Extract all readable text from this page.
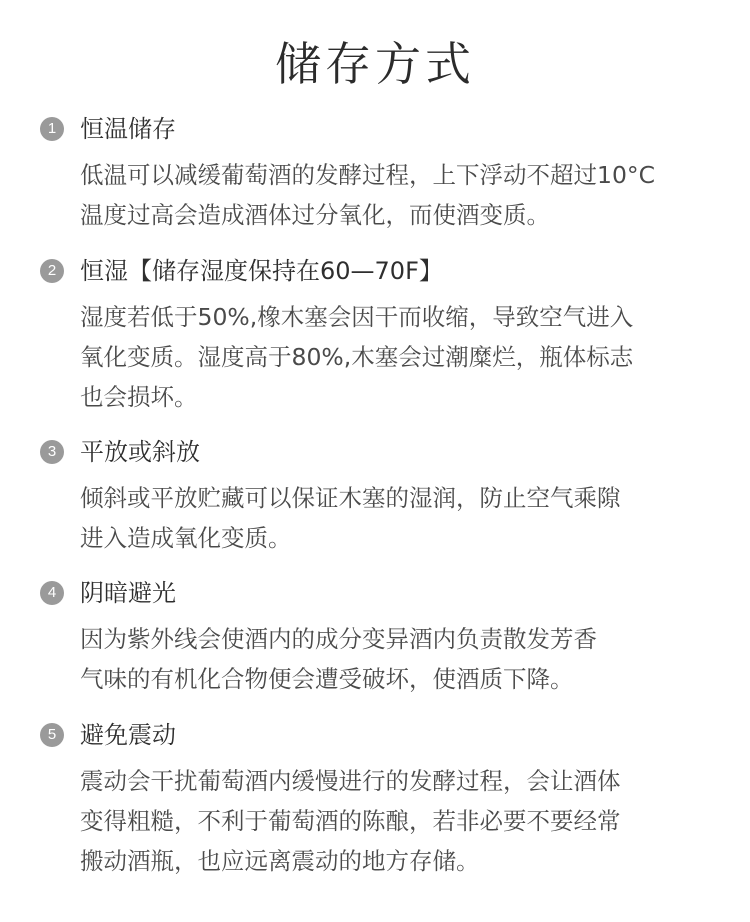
储存方式
1 恒温储存
低温可以减缓葡萄酒的发酵过程，上下浮动不超过10°C
温度过高会造成酒体过分氧化，而使酒变质。
2 恒湿【储存湿度保持在60—70F】
湿度若低于50%,橡木塞会因干而收缩，导致空气进入
氧化变质。湿度高于80%,木塞会过潮糜烂，瓶体标志
也会损坏。
3 平放或斜放
倾斜或平放贮藏可以保证木塞的湿润，防止空气乘隙
进入造成氧化变质。
4 阴暗避光
因为紫外线会使酒内的成分变异酒内负责散发芳香
气味的有机化合物便会遭受破坏，使酒质下降。
5 避免震动
震动会干扰葡萄酒内缓慢进行的发酵过程，会让酒体
变得粗糙，不利于葡萄酒的陈酿，若非必要不要经常
搬动酒瓶，也应远离震动的地方存储。
